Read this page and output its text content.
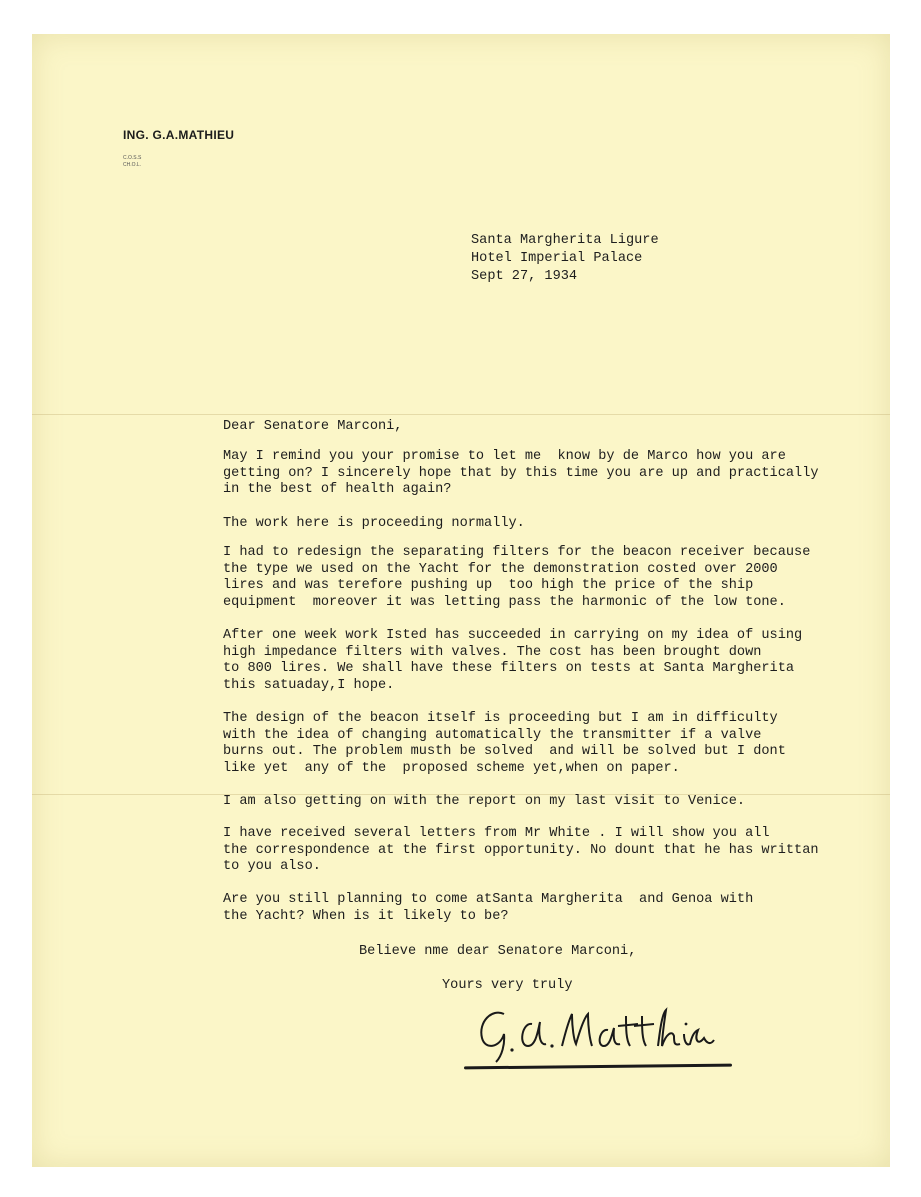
ING. G.A.MATHIEU
C.O.S.S
CH.O.L.
Santa Margherita Ligure
Hotel Imperial Palace
Sept 27, 1934
Dear Senatore Marconi,
May I remind you your promise to let me  know by de Marco how you are
getting on? I sincerely hope that by this time you are up and practically
in the best of health again?
The work here is proceeding normally.
I had to redesign the separating filters for the beacon receiver because
the type we used on the Yacht for the demonstration costed over 2000
lires and was terefore pushing up  too high the price of the ship
equipment  moreover it was letting pass the harmonic of the low tone.
After one week work Isted has succeeded in carrying on my idea of using
high impedance filters with valves. The cost has been brought down
to 800 lires. We shall have these filters on tests at Santa Margherita
this satuaday,I hope.
The design of the beacon itself is proceeding but I am in difficulty
with the idea of changing automatically the transmitter if a valve
burns out. The problem musth be solved  and will be solved but I dont
like yet  any of the  proposed scheme yet,when on paper.
I am also getting on with the report on my last visit to Venice.
I have received several letters from Mr White . I will show you all
the correspondence at the first opportunity. No dount that he has writtan
to you also.
Are you still planning to come atSanta Margherita  and Genoa with
the Yacht? When is it likely to be?
Believe nme dear Senatore Marconi,
Yours very truly
